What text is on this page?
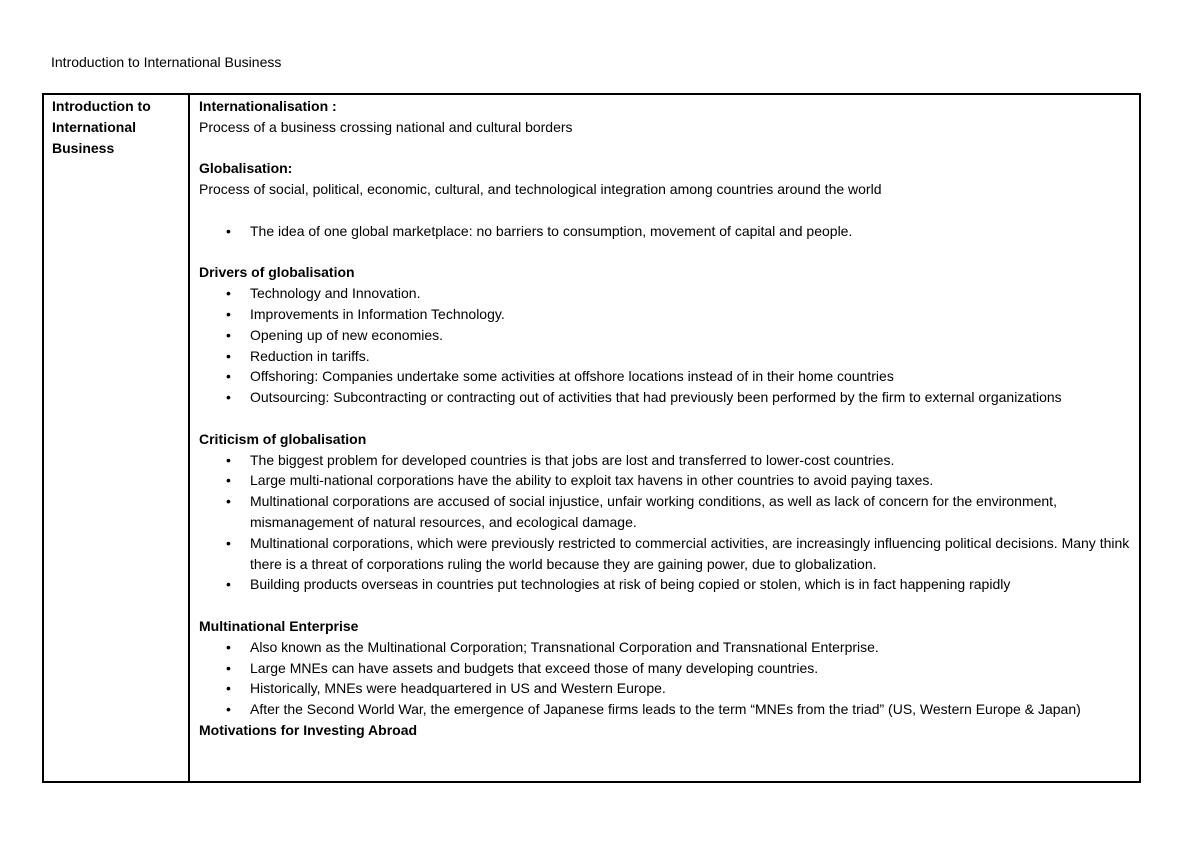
Introduction to International Business
Introduction to
International
Business
Internationalisation :
Process of a business crossing national and cultural borders
Globalisation:
Process of social, political, economic, cultural, and technological integration among countries around the world
• The idea of one global marketplace: no barriers to consumption, movement of capital and people.
Drivers of globalisation
• Technology and Innovation.
• Improvements in Information Technology.
• Opening up of new economies.
• Reduction in tariffs.
• Offshoring: Companies undertake some activities at offshore locations instead of in their home countries
• Outsourcing: Subcontracting or contracting out of activities that had previously been performed by the firm to external organizations
Criticism of globalisation
• The biggest problem for developed countries is that jobs are lost and transferred to lower-cost countries.
• Large multi-national corporations have the ability to exploit tax havens in other countries to avoid paying taxes.
• Multinational corporations are accused of social injustice, unfair working conditions, as well as lack of concern for the environment, mismanagement of natural resources, and ecological damage.
• Multinational corporations, which were previously restricted to commercial activities, are increasingly influencing political decisions. Many think there is a threat of corporations ruling the world because they are gaining power, due to globalization.
• Building products overseas in countries put technologies at risk of being copied or stolen, which is in fact happening rapidly
Multinational Enterprise
• Also known as the Multinational Corporation; Transnational Corporation and Transnational Enterprise.
• Large MNEs can have assets and budgets that exceed those of many developing countries.
• Historically, MNEs were headquartered in US and Western Europe.
• After the Second World War, the emergence of Japanese firms leads to the term “MNEs from the triad” (US, Western Europe & Japan)
Motivations for Investing Abroad
